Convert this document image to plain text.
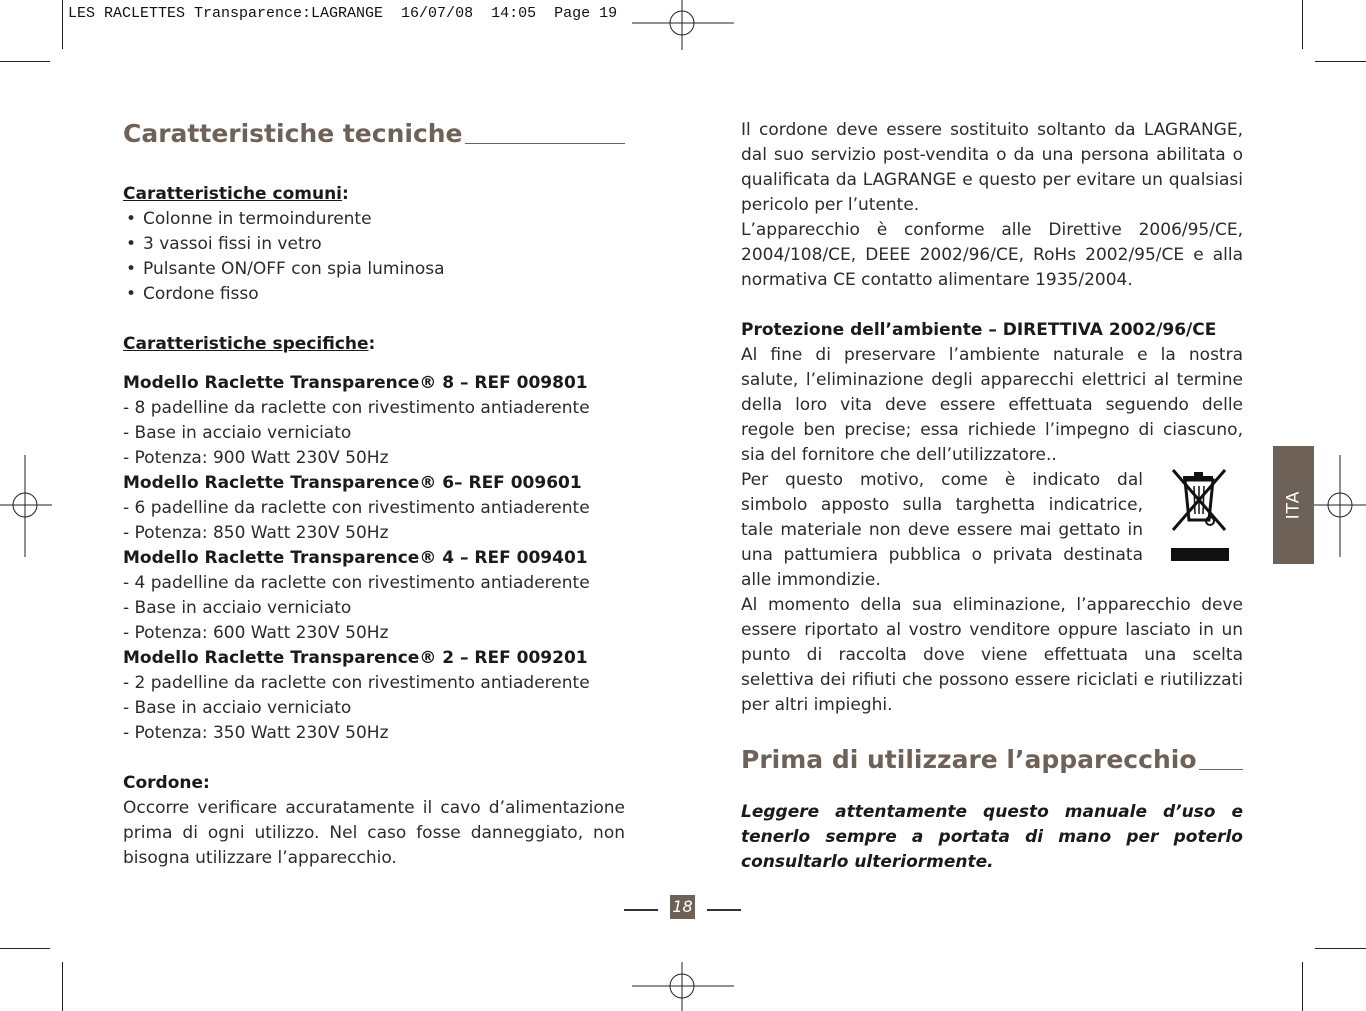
LES RACLETTES Transparence:LAGRANGE  16/07/08  14:05  Page 19
Caratteristiche tecniche
Caratteristiche comuni:
• Colonne in termoindurente
• 3 vassoi fissi in vetro
• Pulsante ON/OFF con spia luminosa
• Cordone fisso
Caratteristiche specifiche:
Modello Raclette Transparence® 8 – REF 009801
- 8 padelline da raclette con rivestimento antiaderente
- Base in acciaio verniciato
- Potenza: 900 Watt 230V 50Hz
Modello Raclette Transparence® 6– REF 009601
- 6 padelline da raclette con rivestimento antiaderente
- Potenza: 850 Watt 230V 50Hz
Modello Raclette Transparence® 4 – REF 009401
- 4 padelline da raclette con rivestimento antiaderente
- Base in acciaio verniciato
- Potenza: 600 Watt 230V 50Hz
Modello Raclette Transparence® 2 – REF 009201
- 2 padelline da raclette con rivestimento antiaderente
- Base in acciaio verniciato
- Potenza: 350 Watt 230V 50Hz
Cordone:
Occorre verificare accuratamente il cavo d’alimentazione prima di ogni utilizzo. Nel caso fosse danneggiato, non bisogna utilizzare l’apparecchio.
Il cordone deve essere sostituito soltanto da LAGRANGE, dal suo servizio post-vendita o da una persona abilitata o qualificata da LAGRANGE e questo per evitare un qualsiasi pericolo per l’utente.
L’apparecchio è conforme alle Direttive 2006/95/CE, 2004/108/CE, DEEE 2002/96/CE, RoHs 2002/95/CE e alla normativa CE contatto alimentare 1935/2004.
Protezione dell’ambiente – DIRETTIVA 2002/96/CE
Al fine di preservare l’ambiente naturale e la nostra salute, l’eliminazione degli apparecchi elettrici al termine della loro vita deve essere effettuata seguendo delle regole ben precise; essa richiede l’impegno di ciascuno, sia del fornitore che dell’utilizzatore..
Per questo motivo, come è indicato dal simbolo apposto sulla targhetta indicatrice, tale materiale non deve essere mai gettato in una pattumiera pubblica o privata destinata alle immondizie.
Al momento della sua eliminazione, l’apparecchio deve essere riportato al vostro venditore oppure lasciato in un punto di raccolta dove viene effettuata una scelta selettiva dei rifiuti che possono essere riciclati e riutilizzati per altri impieghi.
Prima di utilizzare l’apparecchio
Leggere attentamente questo manuale d’uso e tenerlo sempre a portata di mano per poterlo consultarlo ulteriormente.
ITA
18
